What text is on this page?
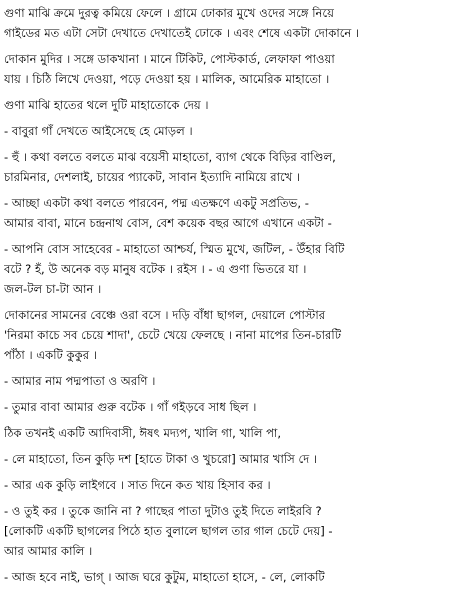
গুণা মাঝি ক্রমে দুরত্ব কমিয়ে ফেলে । গ্রামে ঢোকার মুখে ওদের সঙ্গে নিয়ে
গাইডের মত এটা সেটা দেখাতে দেখাতেই ঢোকে । এবং শেষে একটা দোকানে ।

দোকান মুদির । সঙ্গে ডাকখানা । মানে টিকিট, পোস্টকার্ড, লেফাফা পাওয়া
যায় । চিঠি লিখে দেওয়া, পড়ে দেওয়া হয় । মালিক, আমেরিক মাহাতো ।

গুণা মাঝি হাতের থলে দুটি মাহাতোকে দেয় ।

- বাবুরা গাঁ দেখতে আইসেছে হে মোড়ল ।

- হুঁ । কথা বলতে বলতে মাঝ বয়েসী মাহাতো, ব্যাগ থেকে বিড়ির বাণ্ডিল,
চারমিনার, দেশলাই, চায়ের প্যাকেট, সাবান ইত্যাদি নামিয়ে রাখে ।

- আচ্ছা একটা কথা বলতে পারবেন, পদ্ম এতক্ষণে একটু সপ্রতিভ, -
আমার বাবা, মানে চন্দ্রনাথ বোস, বেশ কয়েক বছর আগে এখানে একটা -

- আপনি বোস সাহেবের - মাহাতো আশ্চর্য, স্মিত মুখে, জটিল, - উঁহার বিটি
বটে ? হঁ, উ অনেক বড় মানুষ বটেক । রইস । - এ গুণা ভিতরে যা ।
জল-টল চা-টা আন ।

দোকানের সামনের বেঞ্চে ওরা বসে । দড়ি বাঁধা ছাগল, দেয়ালে পোস্টার
'নিরমা কাচে সব চেয়ে শাদা', চেটে খেয়ে ফেলছে । নানা মাপের তিন-চারটি
পাঁঠা । একটি কুকুর ।

- আমার নাম পদ্মপাতা ও অরণি ।

- তুমার বাবা আমার গুরু বটেক । গাঁ গইড়বে সাধ ছিল ।

ঠিক তখনই একটি আদিবাসী, ঈষৎ মদ্যপ, খালি গা, খালি পা,

- লে মাহাতো, তিন কুড়ি দশ [হাতে টাকা ও খুচরো] আমার খাসি দে ।

- আর এক কুড়ি লাইগবে । সাত দিনে কত খায় হিসাব কর ।

- ও তুই কর । তুকে জানি না ? গাছের পাতা দুটাও তুই দিতে লাইরবি ?
[লোকটি একটি ছাগলের পিঠে হাত বুলালে ছাগল তার গাল চেটে দেয়] -
আর আমার কালি ।

- আজ হবে নাই, ভাগ্ । আজ ঘরে কুটুম, মাহাতো হাসে, - লে, লোকটি
